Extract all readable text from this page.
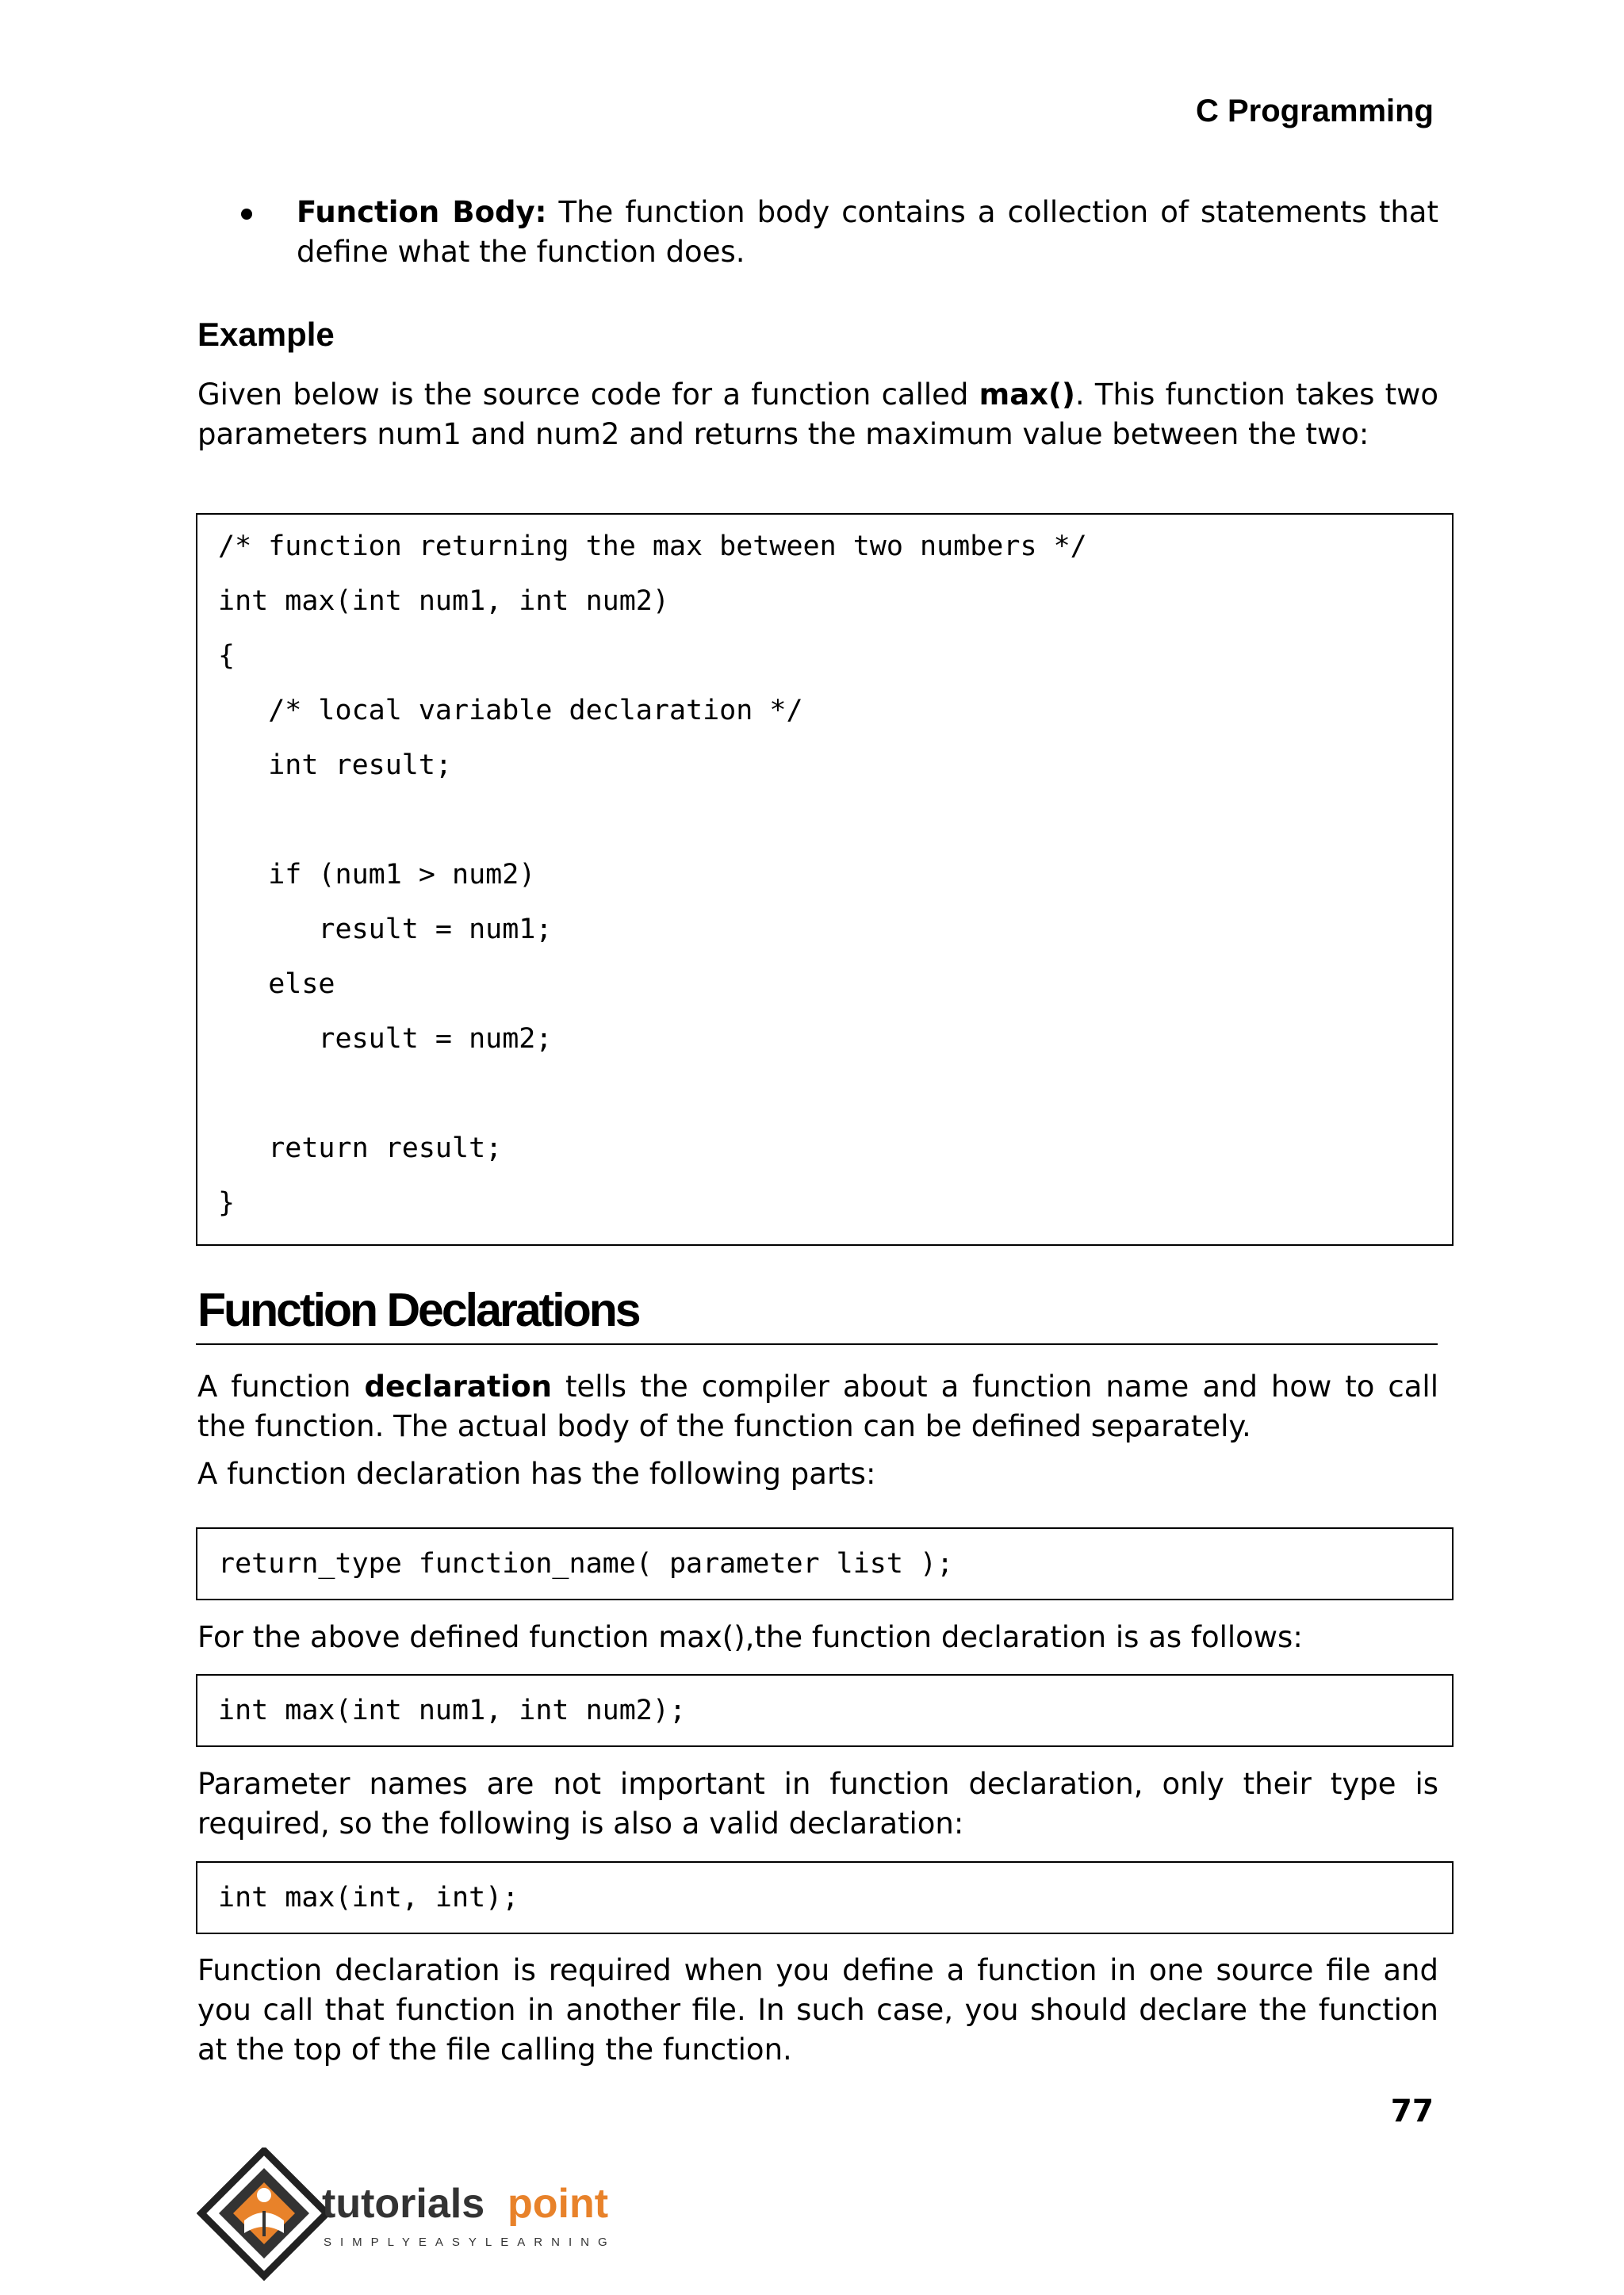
C Programming

Function Body: The function body contains a collection of statements that define what the function does.

Example

Given below is the source code for a function called max(). This function takes two parameters num1 and num2 and returns the maximum value between the two:

/* function returning the max between two numbers */
int max(int num1, int num2)
{
/* local variable declaration */
int result;
if (num1 > num2)
result = num1;
else
result = num2;
return result;
}
Function Declarations

A function declaration tells the compiler about a function name and how to call the function. The actual body of the function can be defined separately.

A function declaration has the following parts:

return_type function_name( parameter list );

For the above defined function max(),the function declaration is as follows:

int max(int num1, int num2);

Parameter names are not important in function declaration, only their type is required, so the following is also a valid declaration:

int max(int, int);

Function declaration is required when you define a function in one source file and you call that function in another file. In such case, you should declare the function at the top of the file calling the function.

77
tutorials point
SIMPLYEASYLEARNING
